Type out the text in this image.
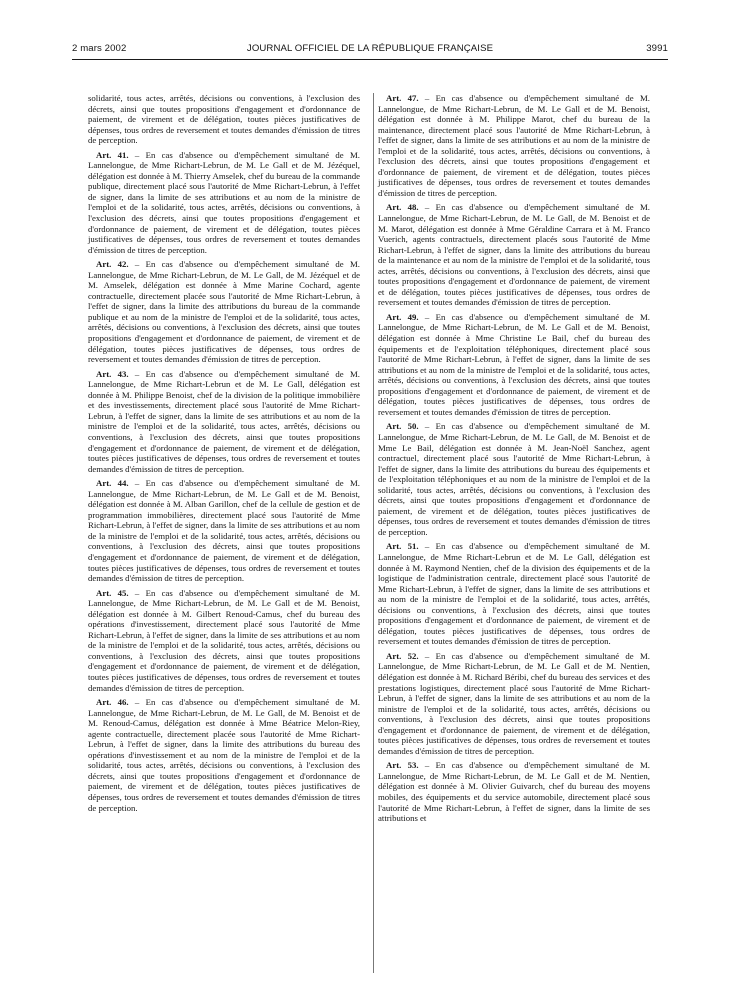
2 mars 2002	JOURNAL OFFICIEL DE LA RÉPUBLIQUE FRANÇAISE	3991

solidarité, tous actes, arrêtés, décisions ou conventions, à l'exclusion des décrets, ainsi que toutes propositions d'engagement et d'ordonnance de paiement, de virement et de délégation, toutes pièces justificatives de dépenses, tous ordres de reversement et toutes demandes d'émission de titres de perception.

Art. 41. – En cas d'absence ou d'empêchement simultané de M. Lannelongue, de Mme Richart-Lebrun, de M. Le Gall et de M. Jézéquel, délégation est donnée à M. Thierry Amselek, chef du bureau de la commande publique, directement placé sous l'autorité de Mme Richart-Lebrun, à l'effet de signer, dans la limite de ses attributions et au nom de la ministre de l'emploi et de la solidarité, tous actes, arrêtés, décisions ou conventions, à l'exclusion des décrets, ainsi que toutes propositions d'engagement et d'ordonnance de paiement, de virement et de délégation, toutes pièces justificatives de dépenses, tous ordres de reversement et toutes demandes d'émission de titres de perception.

Art. 42. – En cas d'absence ou d'empêchement simultané de M. Lannelongue, de Mme Richart-Lebrun, de M. Le Gall, de M. Jézéquel et de M. Amselek, délégation est donnée à Mme Marine Cochard, agente contractuelle, directement placée sous l'autorité de Mme Richart-Lebrun, à l'effet de signer, dans la limite des attributions du bureau de la commande publique et au nom de la ministre de l'emploi et de la solidarité, tous actes, arrêtés, décisions ou conventions, à l'exclusion des décrets, ainsi que toutes propositions d'engagement et d'ordonnance de paiement, de virement et de délégation, toutes pièces justificatives de dépenses, tous ordres de reversement et toutes demandes d'émission de titres de perception.

Art. 43. – En cas d'absence ou d'empêchement simultané de M. Lannelongue, de Mme Richart-Lebrun et de M. Le Gall, délégation est donnée à M. Philippe Benoist, chef de la division de la politique immobilière et des investissements, directement placé sous l'autorité de Mme Richart-Lebrun, à l'effet de signer, dans la limite de ses attributions et au nom de la ministre de l'emploi et de la solidarité, tous actes, arrêtés, décisions ou conventions, à l'exclusion des décrets, ainsi que toutes propositions d'engagement et d'ordonnance de paiement, de virement et de délégation, toutes pièces justificatives de dépenses, tous ordres de reversement et toutes demandes d'émission de titres de perception.

Art. 44. – En cas d'absence ou d'empêchement simultané de M. Lannelongue, de Mme Richart-Lebrun, de M. Le Gall et de M. Benoist, délégation est donnée à M. Alban Garillon, chef de la cellule de gestion et de programmation immobilières, directement placé sous l'autorité de Mme Richart-Lebrun, à l'effet de signer, dans la limite de ses attributions et au nom de la ministre de l'emploi et de la solidarité, tous actes, arrêtés, décisions ou conventions, à l'exclusion des décrets, ainsi que toutes propositions d'engagement et d'ordonnance de paiement, de virement et de délégation, toutes pièces justificatives de dépenses, tous ordres de reversement et toutes demandes d'émission de titres de perception.

Art. 45. – En cas d'absence ou d'empêchement simultané de M. Lannelongue, de Mme Richart-Lebrun, de M. Le Gall et de M. Benoist, délégation est donnée à M. Gilbert Renoud-Camus, chef du bureau des opérations d'investissement, directement placé sous l'autorité de Mme Richart-Lebrun, à l'effet de signer, dans la limite de ses attributions et au nom de la ministre de l'emploi et de la solidarité, tous actes, arrêtés, décisions ou conventions, à l'exclusion des décrets, ainsi que toutes propositions d'engagement et d'ordonnance de paiement, de virement et de délégation, toutes pièces justificatives de dépenses, tous ordres de reversement et toutes demandes d'émission de titres de perception.

Art. 46. – En cas d'absence ou d'empêchement simultané de M. Lannelongue, de Mme Richart-Lebrun, de M. Le Gall, de M. Benoist et de M. Renoud-Camus, délégation est donnée à Mme Béatrice Melon-Riey, agente contractuelle, directement placée sous l'autorité de Mme Richart-Lebrun, à l'effet de signer, dans la limite des attributions du bureau des opérations d'investissement et au nom de la ministre de l'emploi et de la solidarité, tous actes, arrêtés, décisions ou conventions, à l'exclusion des décrets, ainsi que toutes propositions d'engagement et d'ordonnance de paiement, de virement et de délégation, toutes pièces justificatives de dépenses, tous ordres de reversement et toutes demandes d'émission de titres de perception.

Art. 47. – En cas d'absence ou d'empêchement simultané de M. Lannelongue, de Mme Richart-Lebrun, de M. Le Gall et de M. Benoist, délégation est donnée à M. Philippe Marot, chef du bureau de la maintenance, directement placé sous l'autorité de Mme Richart-Lebrun, à l'effet de signer, dans la limite de ses attributions et au nom de la ministre de l'emploi et de la solidarité, tous actes, arrêtés, décisions ou conventions, à l'exclusion des décrets, ainsi que toutes propositions d'engagement et d'ordonnance de paiement, de virement et de délégation, toutes pièces justificatives de dépenses, tous ordres de reversement et toutes demandes d'émission de titres de perception.

Art. 48. – En cas d'absence ou d'empêchement simultané de M. Lannelongue, de Mme Richart-Lebrun, de M. Le Gall, de M. Benoist et de M. Marot, délégation est donnée à Mme Géraldine Carrara et à M. Franco Vuerich, agents contractuels, directement placés sous l'autorité de Mme Richart-Lebrun, à l'effet de signer, dans la limite des attributions du bureau de la maintenance et au nom de la ministre de l'emploi et de la solidarité, tous actes, arrêtés, décisions ou conventions, à l'exclusion des décrets, ainsi que toutes propositions d'engagement et d'ordonnance de paiement, de virement et de délégation, toutes pièces justificatives de dépenses, tous ordres de reversement et toutes demandes d'émission de titres de perception.

Art. 49. – En cas d'absence ou d'empêchement simultané de M. Lannelongue, de Mme Richart-Lebrun, de M. Le Gall et de M. Benoist, délégation est donnée à Mme Christine Le Bail, chef du bureau des équipements et de l'exploitation téléphoniques, directement placé sous l'autorité de Mme Richart-Lebrun, à l'effet de signer, dans la limite de ses attributions et au nom de la ministre de l'emploi et de la solidarité, tous actes, arrêtés, décisions ou conventions, à l'exclusion des décrets, ainsi que toutes propositions d'engagement et d'ordonnance de paiement, de virement et de délégation, toutes pièces justificatives de dépenses, tous ordres de reversement et toutes demandes d'émission de titres de perception.

Art. 50. – En cas d'absence ou d'empêchement simultané de M. Lannelongue, de Mme Richart-Lebrun, de M. Le Gall, de M. Benoist et de Mme Le Bail, délégation est donnée à M. Jean-Noël Sanchez, agent contractuel, directement placé sous l'autorité de Mme Richart-Lebrun, à l'effet de signer, dans la limite des attributions du bureau des équipements et de l'exploitation téléphoniques et au nom de la ministre de l'emploi et de la solidarité, tous actes, arrêtés, décisions ou conventions, à l'exclusion des décrets, ainsi que toutes propositions d'engagement et d'ordonnance de paiement, de virement et de délégation, toutes pièces justificatives de dépenses, tous ordres de reversement et toutes demandes d'émission de titres de perception.

Art. 51. – En cas d'absence ou d'empêchement simultané de M. Lannelongue, de Mme Richart-Lebrun et de M. Le Gall, délégation est donnée à M. Raymond Nentien, chef de la division des équipements et de la logistique de l'administration centrale, directement placé sous l'autorité de Mme Richart-Lebrun, à l'effet de signer, dans la limite de ses attributions et au nom de la ministre de l'emploi et de la solidarité, tous actes, arrêtés, décisions ou conventions, à l'exclusion des décrets, ainsi que toutes propositions d'engagement et d'ordonnance de paiement, de virement et de délégation, toutes pièces justificatives de dépenses, tous ordres de reversement et toutes demandes d'émission de titres de perception.

Art. 52. – En cas d'absence ou d'empêchement simultané de M. Lannelongue, de Mme Richart-Lebrun, de M. Le Gall et de M. Nentien, délégation est donnée à M. Richard Béribi, chef du bureau des services et des prestations logistiques, directement placé sous l'autorité de Mme Richart-Lebrun, à l'effet de signer, dans la limite de ses attributions et au nom de la ministre de l'emploi et de la solidarité, tous actes, arrêtés, décisions ou conventions, à l'exclusion des décrets, ainsi que toutes propositions d'engagement et d'ordonnance de paiement, de virement et de délégation, toutes pièces justificatives de dépenses, tous ordres de reversement et toutes demandes d'émission de titres de perception.

Art. 53. – En cas d'absence ou d'empêchement simultané de M. Lannelongue, de Mme Richart-Lebrun, de M. Le Gall et de M. Nentien, délégation est donnée à M. Olivier Guivarch, chef du bureau des moyens mobiles, des équipements et du service automobile, directement placé sous l'autorité de Mme Richart-Lebrun, à l'effet de signer, dans la limite de ses attributions et
